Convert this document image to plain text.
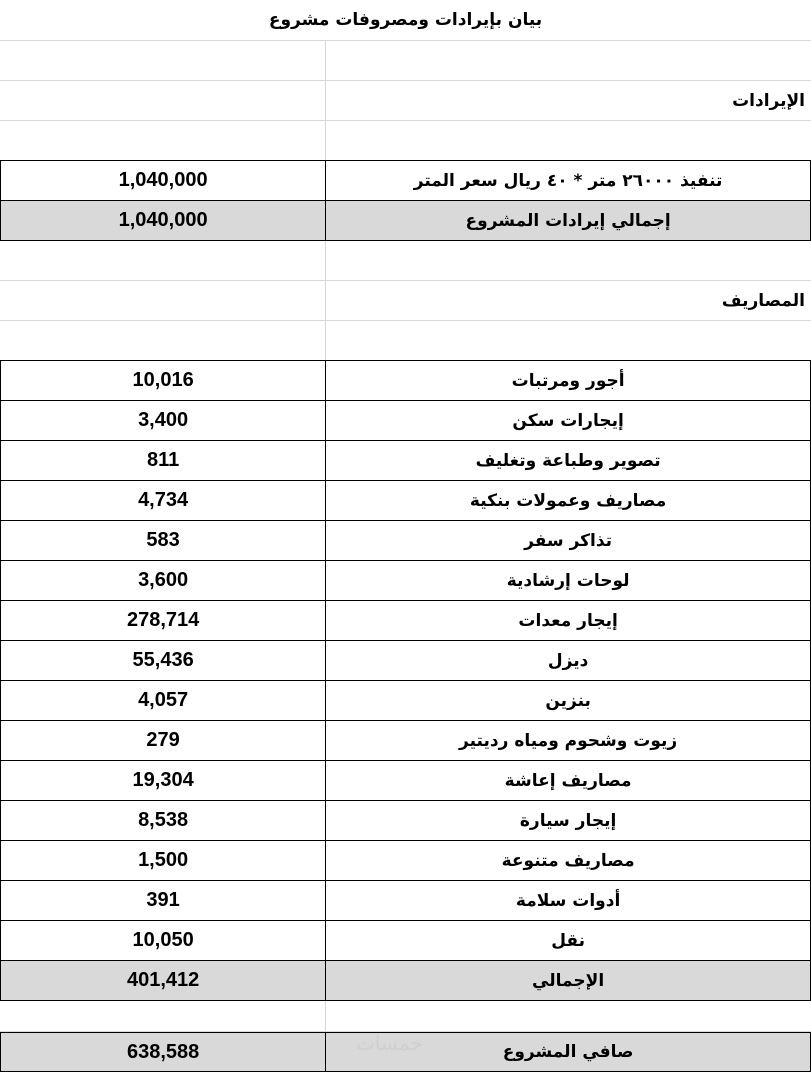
بيان بإيرادات ومصروفات مشروع
الإيرادات
1,040,000	تنفيذ ٢٦٠٠٠ متر * ٤٠ ريال سعر المتر
1,040,000	إجمالي إيرادات المشروع
المصاريف
10,016	أجور ومرتبات
3,400	إيجارات سكن
811	تصوير وطباعة وتغليف
4,734	مصاريف وعمولات بنكية
583	تذاكر سفر
3,600	لوحات إرشادية
278,714	إيجار معدات
55,436	ديزل
4,057	بنزين
279	زيوت وشحوم ومياه رديتير
19,304	مصاريف إعاشة
8,538	إيجار سيارة
1,500	مصاريف متنوعة
391	أدوات سلامة
10,050	نقل
401,412	الإجمالي
638,588	صافي المشروع
خمسات
